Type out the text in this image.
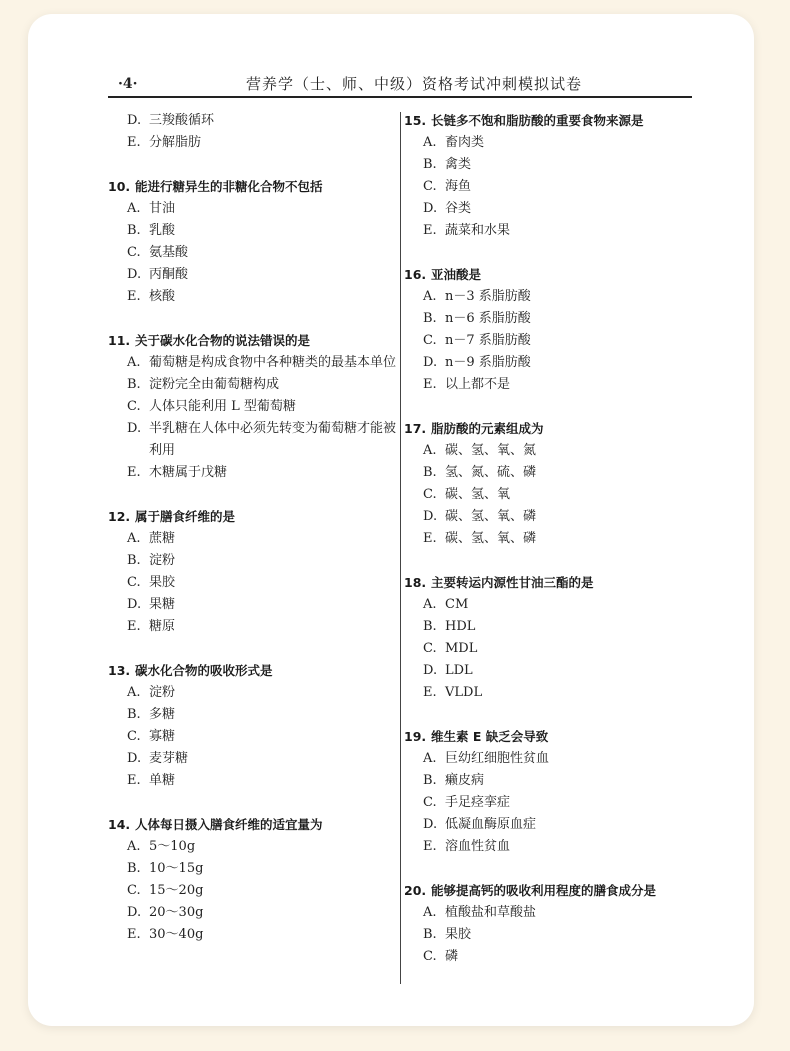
·4·	营养学（士、师、中级）资格考试冲刺模拟试卷
D. 三羧酸循环
E. 分解脂肪
10. 能进行糖异生的非糖化合物不包括
A. 甘油
B. 乳酸
C. 氨基酸
D. 丙酮酸
E. 核酸
11. 关于碳水化合物的说法错误的是
A. 葡萄糖是构成食物中各种糖类的最基本单位
B. 淀粉完全由葡萄糖构成
C. 人体只能利用 L 型葡萄糖
D. 半乳糖在人体中必须先转变为葡萄糖才能被利用
E. 木糖属于戊糖
12. 属于膳食纤维的是
A. 蔗糖
B. 淀粉
C. 果胶
D. 果糖
E. 糖原
13. 碳水化合物的吸收形式是
A. 淀粉
B. 多糖
C. 寡糖
D. 麦芽糖
E. 单糖
14. 人体每日摄入膳食纤维的适宜量为
A. 5～10g
B. 10～15g
C. 15～20g
D. 20～30g
E. 30～40g
15. 长链多不饱和脂肪酸的重要食物来源是
A. 畜肉类
B. 禽类
C. 海鱼
D. 谷类
E. 蔬菜和水果
16. 亚油酸是
A. n－3 系脂肪酸
B. n－6 系脂肪酸
C. n－7 系脂肪酸
D. n－9 系脂肪酸
E. 以上都不是
17. 脂肪酸的元素组成为
A. 碳、氢、氧、氮
B. 氢、氮、硫、磷
C. 碳、氢、氧
D. 碳、氢、氧、磷
E. 碳、氢、氧、磷
18. 主要转运内源性甘油三酯的是
A. CM
B. HDL
C. MDL
D. LDL
E. VLDL
19. 维生素 E 缺乏会导致
A. 巨幼红细胞性贫血
B. 癞皮病
C. 手足痉挛症
D. 低凝血酶原血症
E. 溶血性贫血
20. 能够提高钙的吸收利用程度的膳食成分是
A. 植酸盐和草酸盐
B. 果胶
C. 磷
